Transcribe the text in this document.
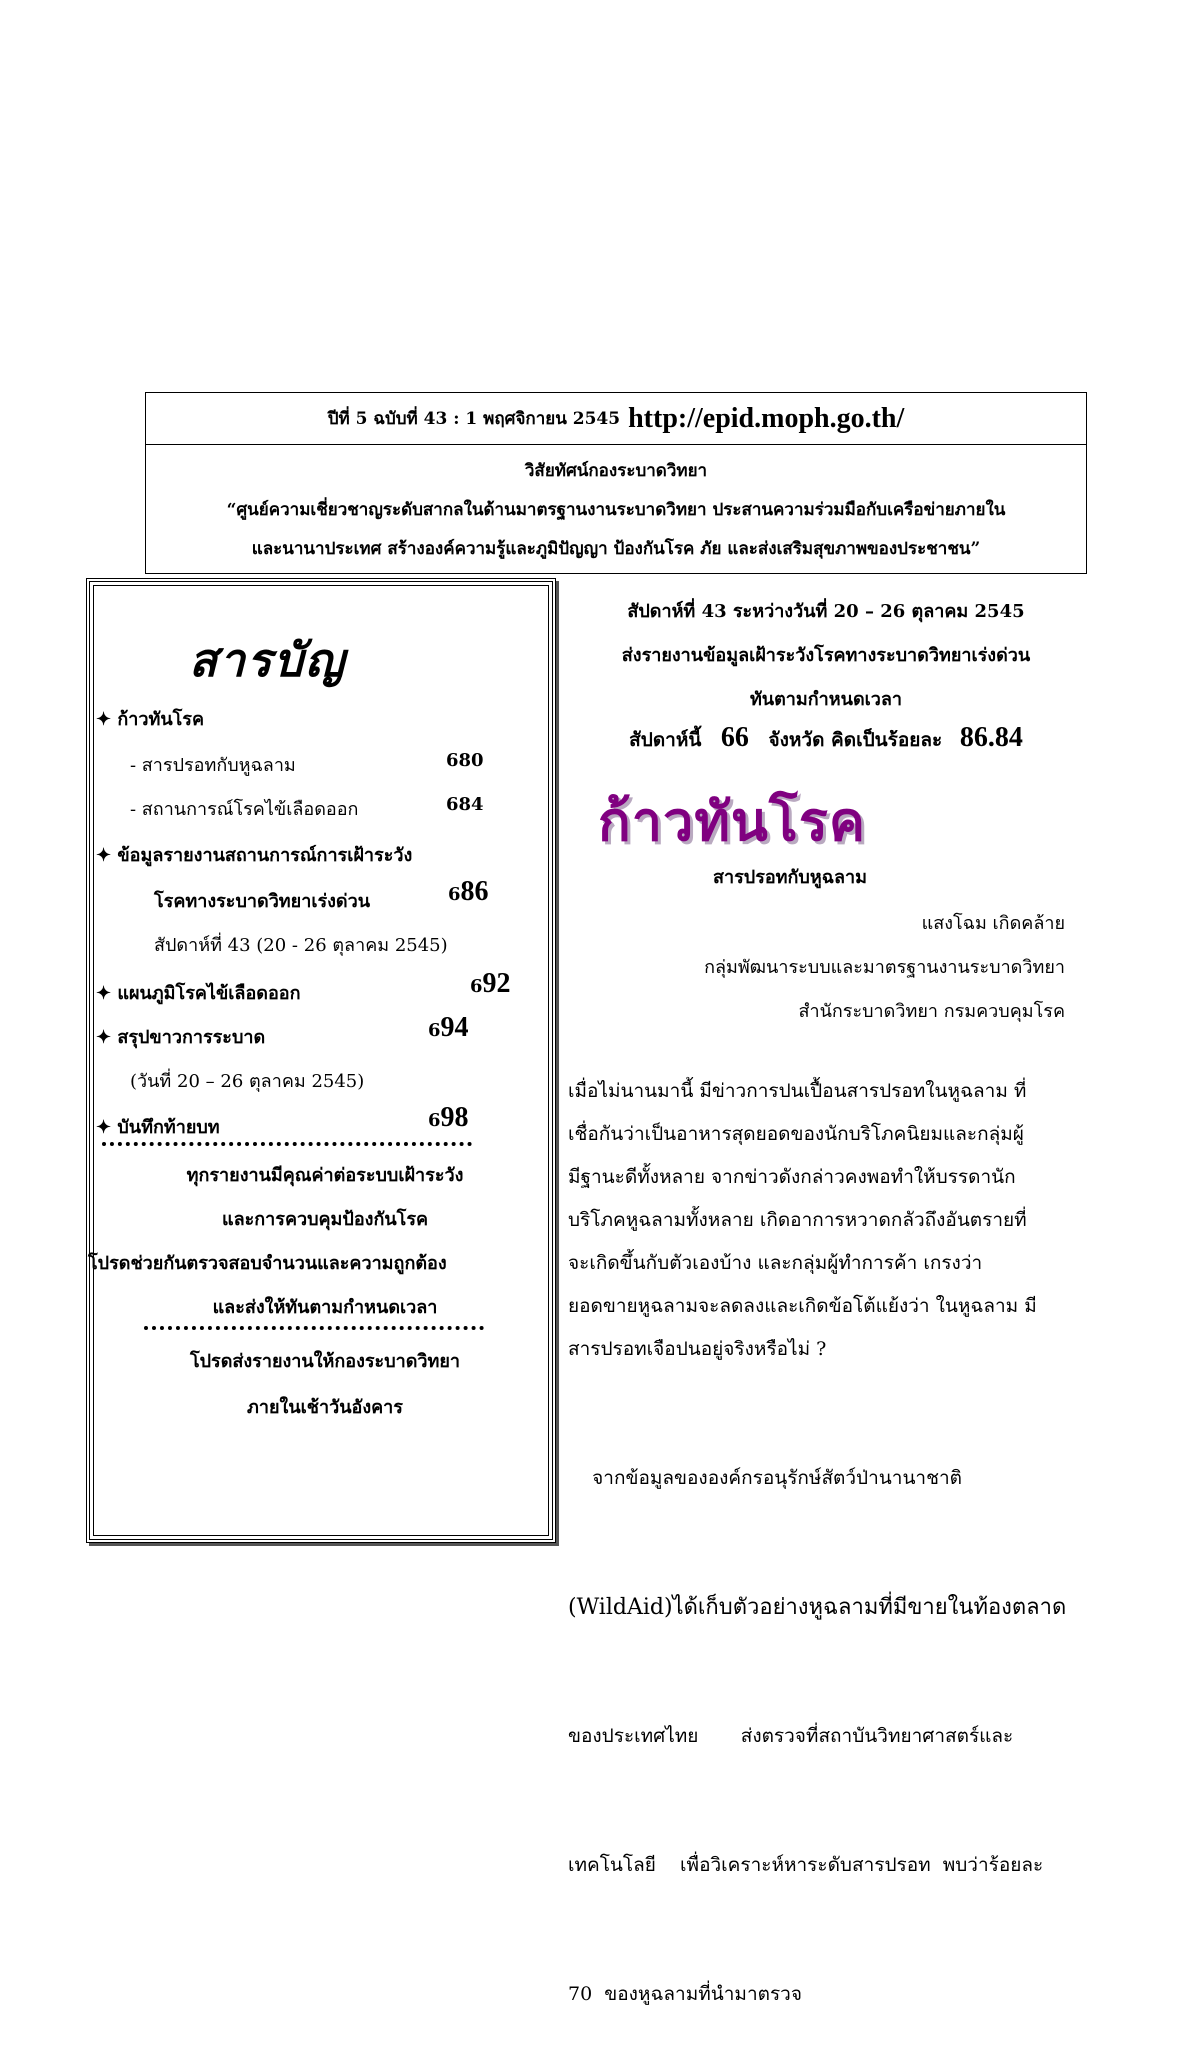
ปีที่ 5 ฉบับที่ 43 : 1 พฤศจิกายน 2545 http://epid.moph.go.th/
วิสัยทัศน์กองระบาดวิทยา
“ศูนย์ความเชี่ยวชาญระดับสากลในด้านมาตรฐานงานระบาดวิทยา ประสานความร่วมมือกับเครือข่ายภายใน
และนานาประเทศ สร้างองค์ความรู้และภูมิปัญญา ป้องกันโรค ภัย และส่งเสริมสุขภาพของประชาชน”
สารบัญ
✦ ก้าวทันโรค
- สารปรอทกับหูฉลาม	680
- สถานการณ์โรคไข้เลือดออก	684
✦ ข้อมูลรายงานสถานการณ์การเฝ้าระวัง
โรคทางระบาดวิทยาเร่งด่วน	686
สัปดาห์ที่ 43 (20 - 26 ตุลาคม 2545)
✦ แผนภูมิโรคไข้เลือดออก	692
✦ สรุปขาวการระบาด	694
(วันที่ 20 – 26 ตุลาคม 2545)
✦ บันทึกท้ายบท	698
ทุกรายงานมีคุณค่าต่อระบบเฝ้าระวัง
และการควบคุมป้องกันโรค
โปรดช่วยกันตรวจสอบจำนวนและความถูกต้อง
และส่งให้ทันตามกำหนดเวลา
โปรดส่งรายงานให้กองระบาดวิทยา
ภายในเช้าวันอังคาร
สัปดาห์ที่ 43 ระหว่างวันที่ 20 – 26 ตุลาคม 2545
ส่งรายงานข้อมูลเฝ้าระวังโรคทางระบาดวิทยาเร่งด่วน
ทันตามกำหนดเวลา
สัปดาห์นี้ 66 จังหวัด คิดเป็นร้อยละ 86.84
ก้าวทันโรค
สารปรอทกับหูฉลาม
แสงโฉม เกิดคล้าย
กลุ่มพัฒนาระบบและมาตรฐานงานระบาดวิทยา
สำนักระบาดวิทยา กรมควบคุมโรค

เมื่อไม่นานมานี้ มีข่าวการปนเปื้อนสารปรอทในหูฉลาม ที่

เชื่อกันว่าเป็นอาหารสุดยอดของนักบริโภคนิยมและกลุ่มผู้

มีฐานะดีทั้งหลาย จากข่าวดังกล่าวคงพอทำให้บรรดานัก

บริโภคหูฉลามทั้งหลาย เกิดอาการหวาดกลัวถึงอันตรายที่

จะเกิดขึ้นกับตัวเองบ้าง และกลุ่มผู้ทำการค้า เกรงว่า

ยอดขายหูฉลามจะลดลงและเกิดข้อโต้แย้งว่า ในหูฉลาม มี

สารปรอทเจือปนอยู่จริงหรือไม่ ?

จากข้อมูลขององค์กรอนุรักษ์สัตว์ป่านานาชาติ

(WildAid)ได้เก็บตัวอย่างหูฉลามที่มีขายในท้องตลาด

ของประเทศไทย       ส่งตรวจที่สถาบันวิทยาศาสตร์และ

เทคโนโลยี    เพื่อวิเคราะห์หาระดับสารปรอท  พบว่าร้อยละ

70  ของหูฉลามที่นำมาตรวจ
